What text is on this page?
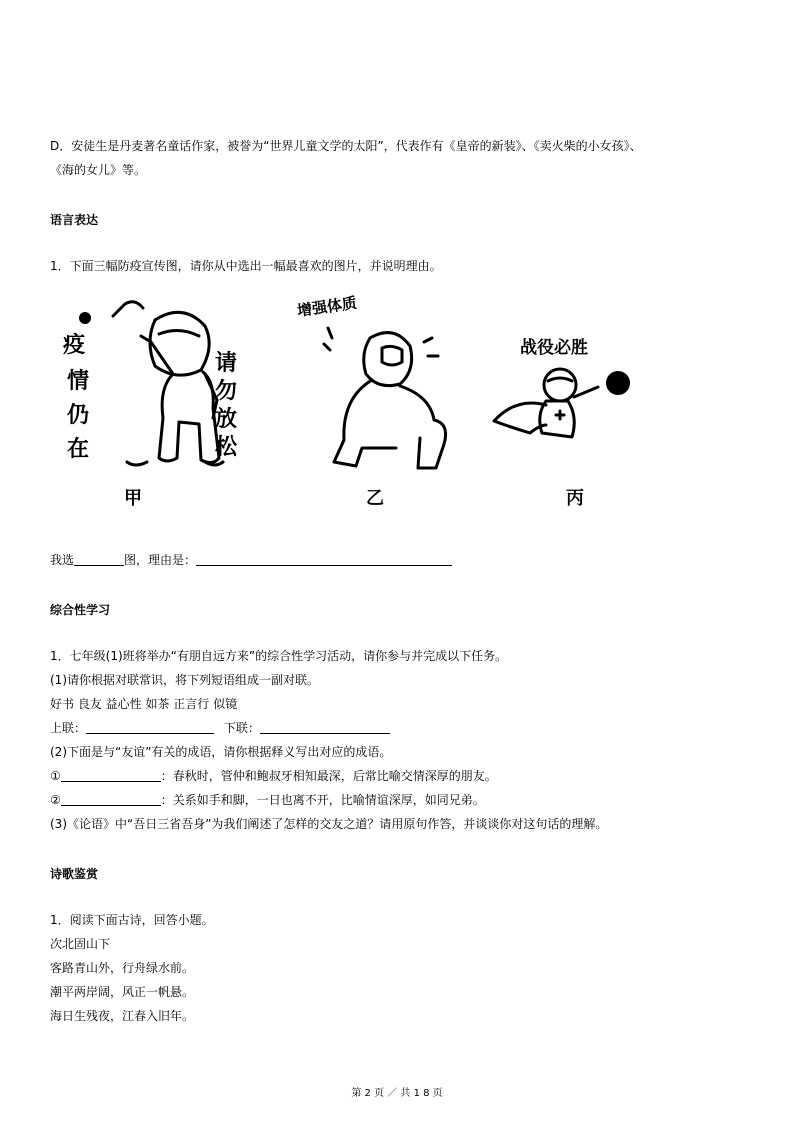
D．安徒生是丹麦著名童话作家，被誉为“世界儿童文学的太阳”，代表作有《皇帝的新装》、《卖火柴的小女孩》、
《海的女儿》等。
语言表达
1．下面三幅防疫宣传图，请你从中选出一幅最喜欢的图片，并说明理由。
疫
情
仍
在
请
勿
放
松
甲
增强体质
乙
战役必胜
丙
我选	图，理由是：
综合性学习
1．七年级(1)班将举办“有朋自远方来”的综合性学习活动，请你参与并完成以下任务。
(1)请你根据对联常识，将下列短语组成一副对联。
好书 良友 益心性 如茶 正言行 似镜
上联：	下联：
(2)下面是与“友谊”有关的成语，请你根据释义写出对应的成语。
①	：春秋时，管仲和鲍叔牙相知最深，后常比喻交情深厚的朋友。
②	：关系如手和脚，一日也离不开，比喻情谊深厚，如同兄弟。
(3)《论语》中“吾日三省吾身”为我们阐述了怎样的交友之道？请用原句作答，并谈谈你对这句话的理解。
诗歌鉴赏
1．阅读下面古诗，回答小题。
次北固山下
客路青山外，行舟绿水前。
潮平两岸阔，风正一帆悬。
海日生残夜，江春入旧年。
第 2 页 ／ 共 1 8 页
